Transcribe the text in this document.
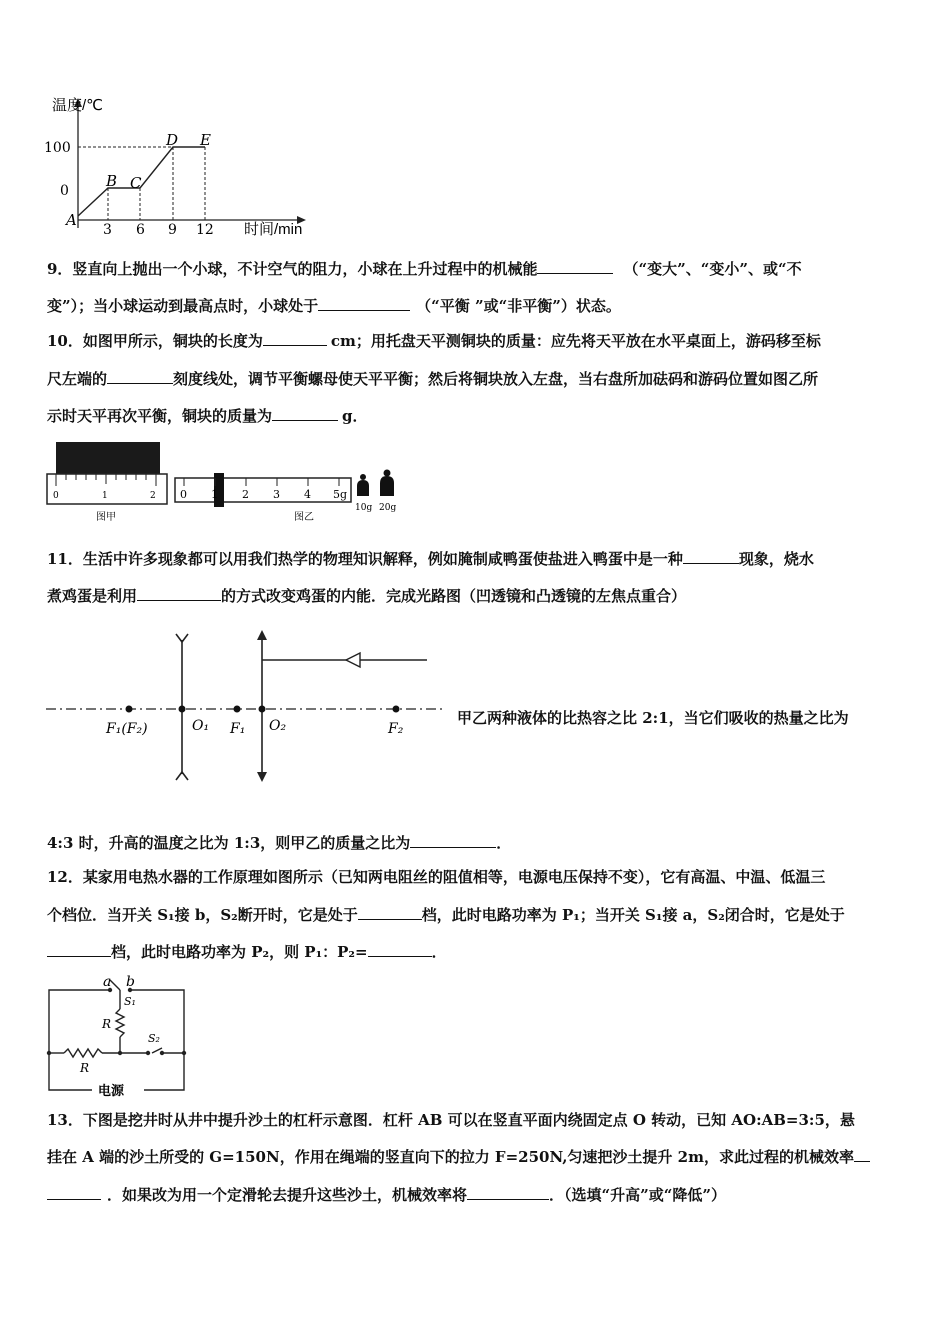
温度/℃
时间/min
100
0
3 6 9 12
A
B C
D E
9．竖直向上抛出一个小球，不计空气的阻力，小球在上升过程中的机械能	（“变大”、“变小”、或“不
变”）；当小球运动到最高点时，小球处于	（“平衡 ”或“非平衡”）状态。
10．如图甲所示，铜块的长度为	cm；用托盘天平测铜块的质量：应先将天平放在水平桌面上，游码移至标
尺左端的	刻度线处，调节平衡螺母使天平平衡；然后将铜块放入左盘，当右盘所加砝码和游码位置如图乙所
示时天平再次平衡，铜块的质量为	g．
0	1	2
图甲
0 1 2 3 4 5g
图乙
10g 20g
11．生活中许多现象都可以用我们热学的物理知识解释，例如腌制咸鸭蛋使盐进入鸭蛋中是一种	现象，烧水
煮鸡蛋是利用	的方式改变鸡蛋的内能．完成光路图（凹透镜和凸透镜的左焦点重合）
F₁(F₂)	O₁ F₁ O₂	F₂
甲乙两种液体的比热容之比 2:1，当它们吸收的热量之比为
4:3 时，升高的温度之比为 1:3，则甲乙的质量之比为	．
12．某家用电热水器的工作原理如图所示（已知两电阻丝的阻值相等，电源电压保持不变），它有高温、中温、低温三
个档位．当开关 S₁接 b，S₂断开时，它是处于	档，此时电路功率为 P₁；当开关 S₁接 a，S₂闭合时，它是处于
档，此时电路功率为 P₂，则 P₁：P₂=	．
a b
S₁
R
S₂
R
电源
13．下图是挖井时从井中提升沙土的杠杆示意图．杠杆 AB 可以在竖直平面内绕固定点 O 转动，已知 AO:AB=3:5，悬
挂在 A 端的沙土所受的 G=150N，作用在绳端的竖直向下的拉力 F=250N,匀速把沙土提升 2m，求此过程的机械效率
．如果改为用一个定滑轮去提升这些沙土，机械效率将	．（选填“升高”或“降低”）
